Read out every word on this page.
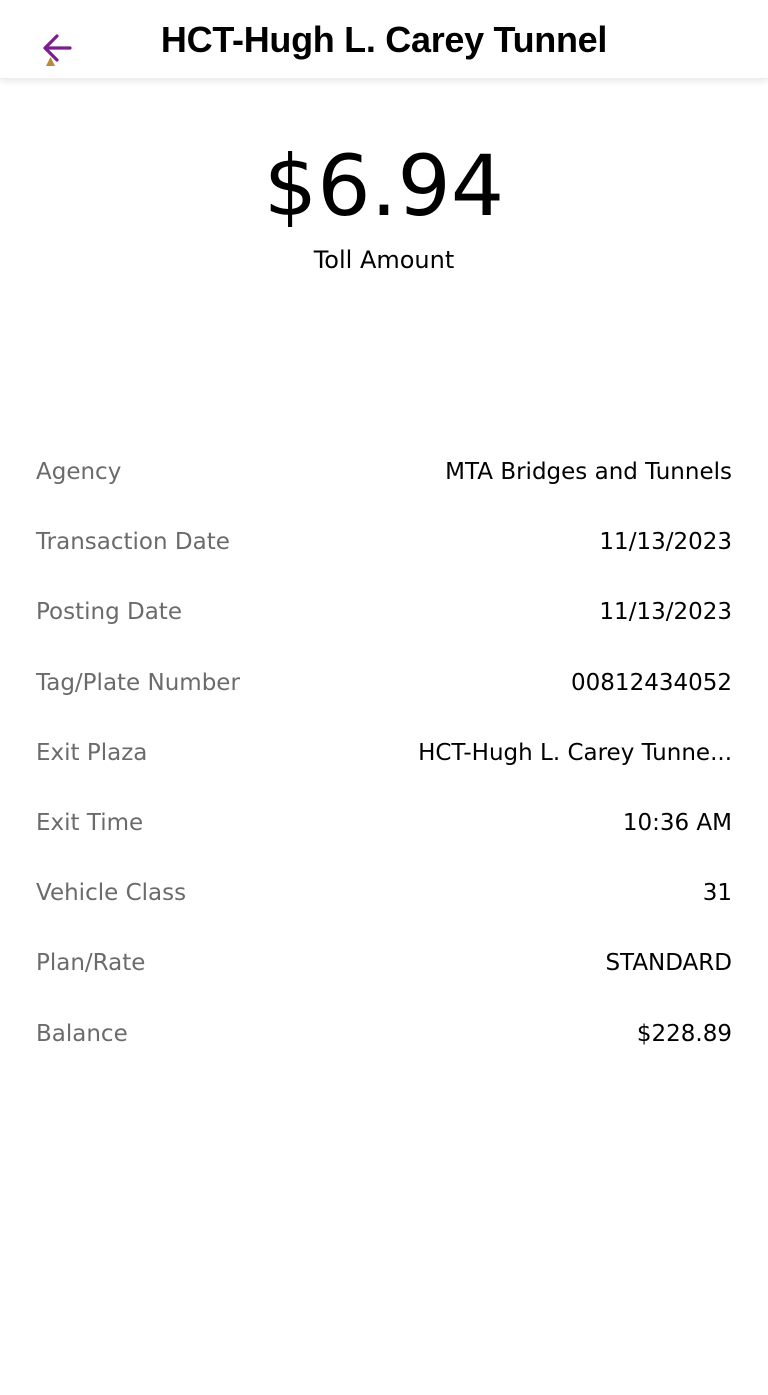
HCT-Hugh L. Carey Tunnel
$6.94
Toll Amount
Agency	MTA Bridges and Tunnels
Transaction Date	11/13/2023
Posting Date	11/13/2023
Tag/Plate Number	00812434052
Exit Plaza	HCT-Hugh L. Carey Tunne...
Exit Time	10:36 AM
Vehicle Class	31
Plan/Rate	STANDARD
Balance	$228.89
